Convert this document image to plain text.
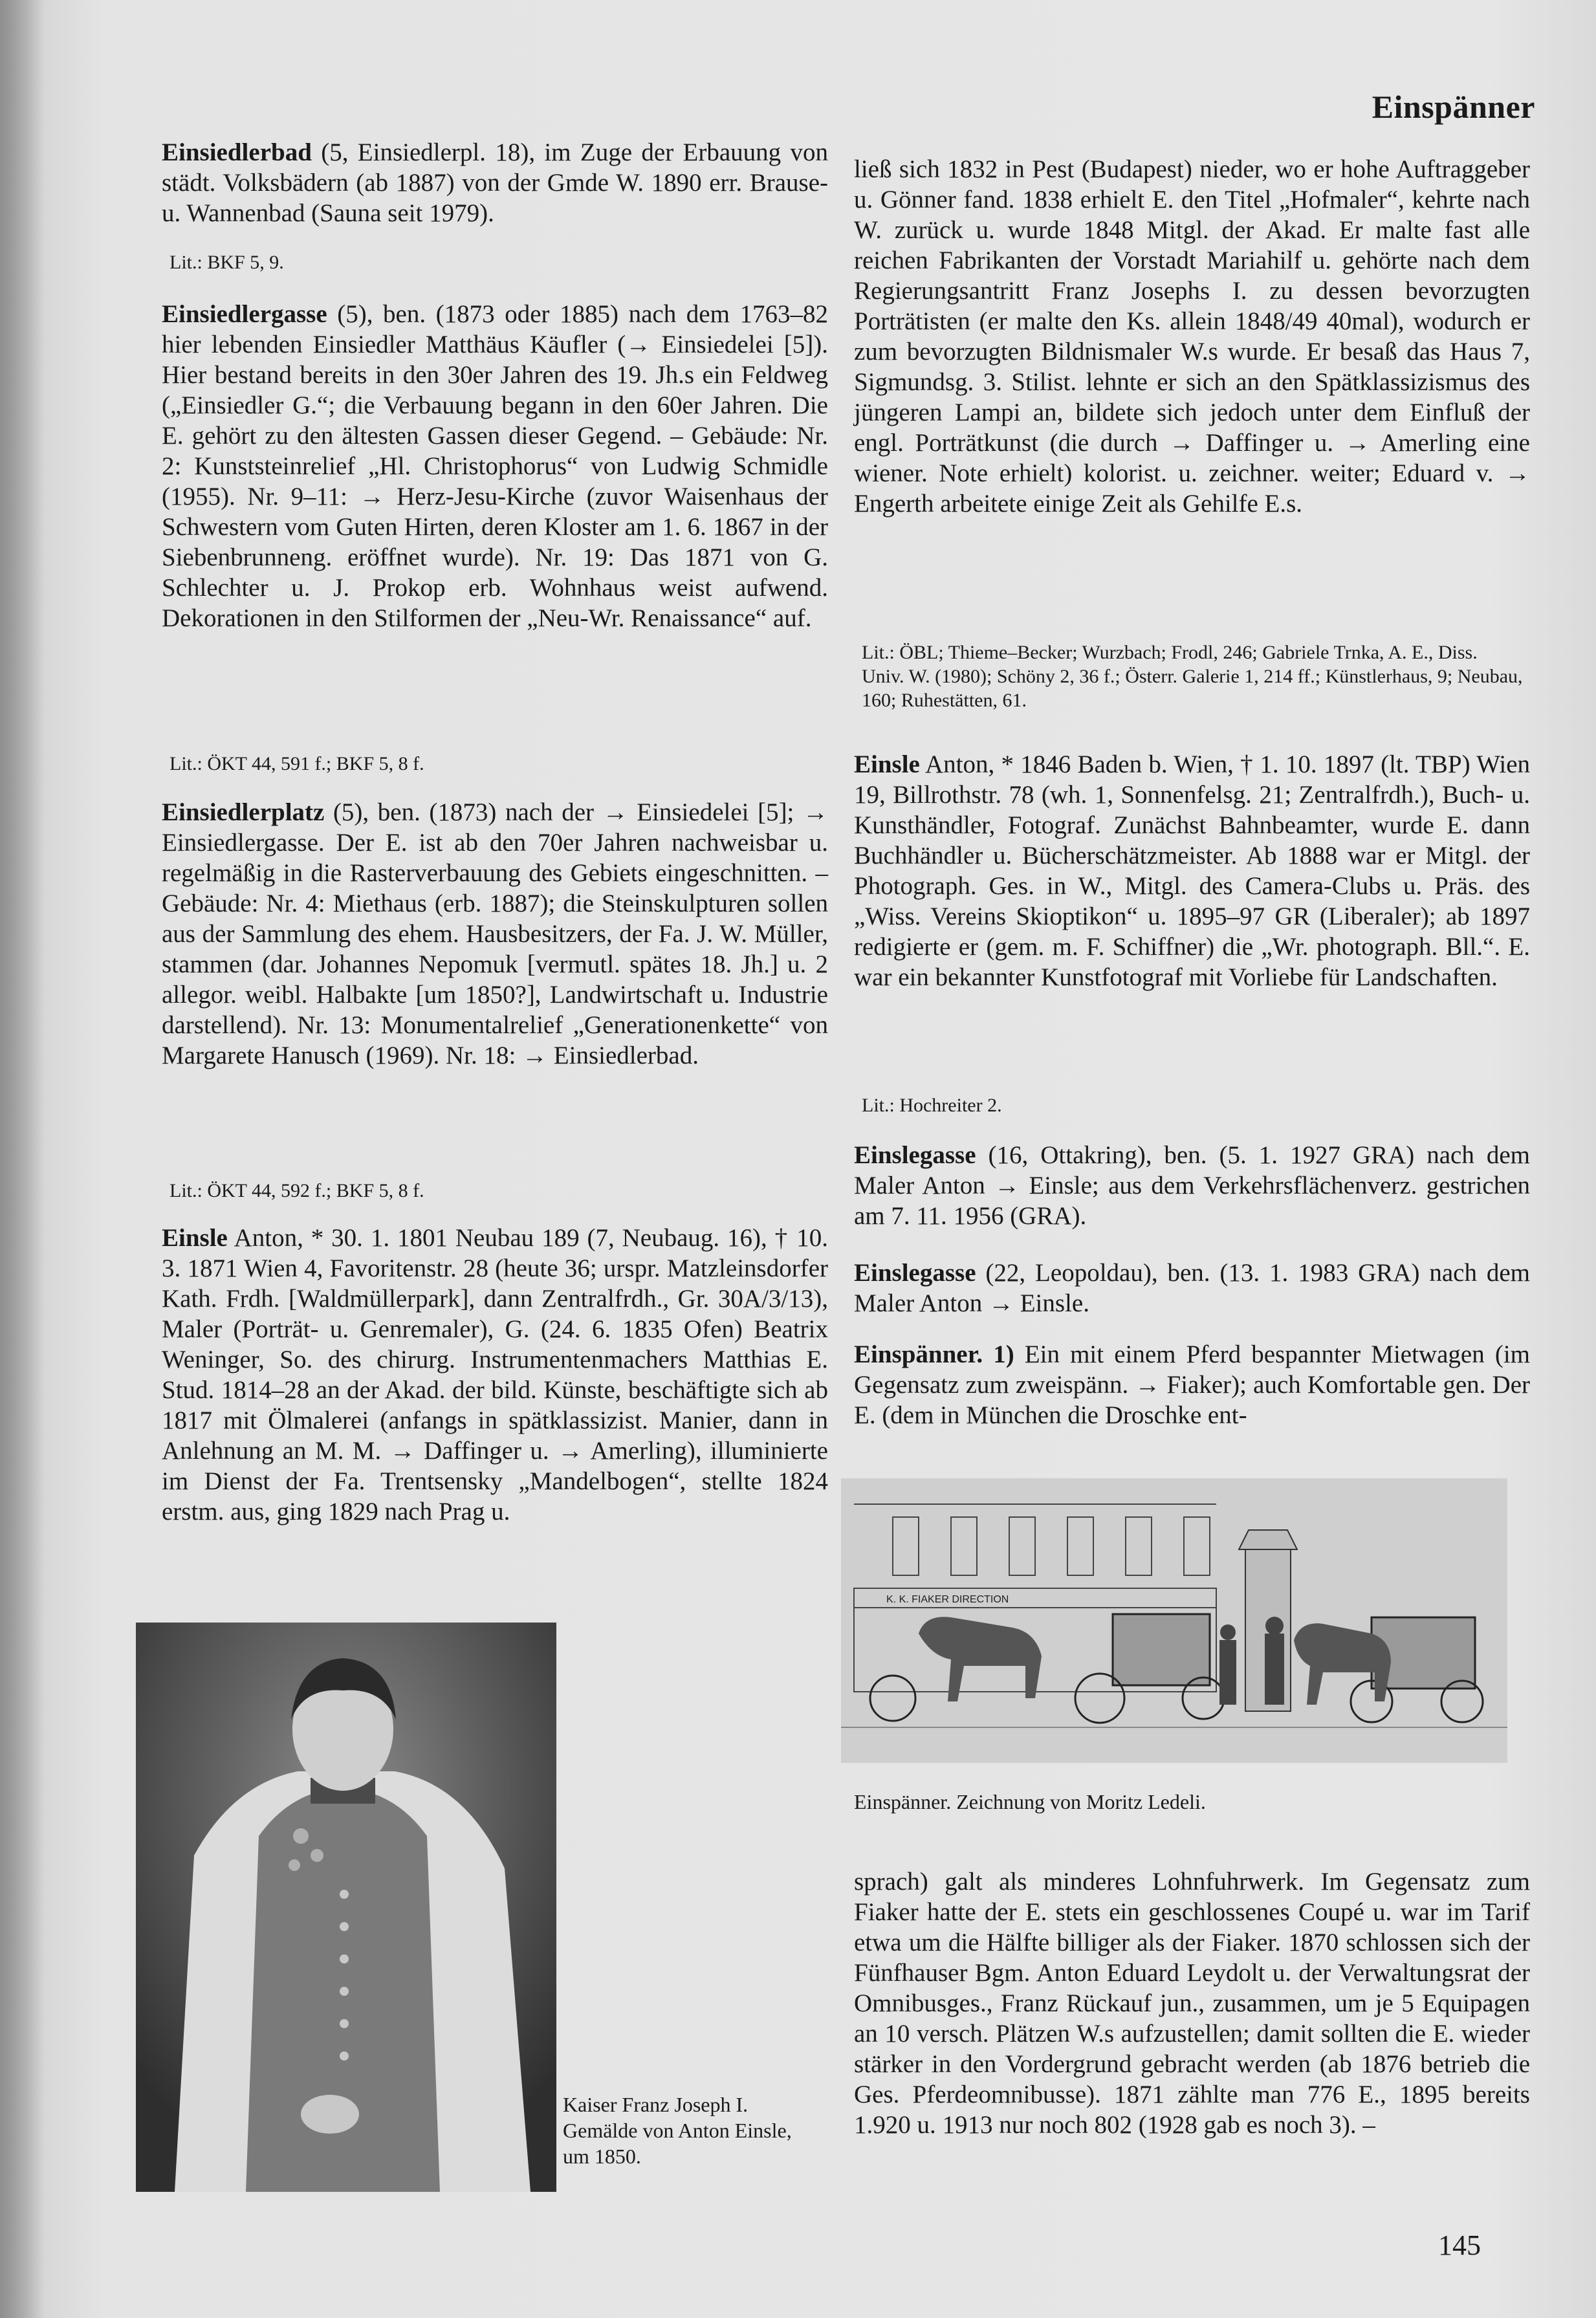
Einspänner
Einsiedlerbad (5, Einsiedlerpl. 18), im Zuge der Erbauung von städt. Volksbädern (ab 1887) von der Gmde W. 1890 err. Brause- u. Wannenbad (Sauna seit 1979).
Lit.: BKF 5, 9.
Einsiedlergasse (5), ben. (1873 oder 1885) nach dem 1763–82 hier lebenden Einsiedler Matthäus Käufler (→ Einsiedelei [5]). Hier bestand bereits in den 30er Jahren des 19. Jh.s ein Feldweg („Einsiedler G.“; die Verbauung begann in den 60er Jahren. Die E. gehört zu den ältesten Gassen dieser Gegend. – Gebäude: Nr. 2: Kunststeinrelief „Hl. Christophorus“ von Ludwig Schmidle (1955). Nr. 9–11: → Herz-Jesu-Kirche (zuvor Waisenhaus der Schwestern vom Guten Hirten, deren Kloster am 1. 6. 1867 in der Siebenbrunneng. eröffnet wurde). Nr. 19: Das 1871 von G. Schlechter u. J. Prokop erb. Wohnhaus weist aufwend. Dekorationen in den Stilformen der „Neu-Wr. Renaissance“ auf.
Lit.: ÖKT 44, 591 f.; BKF 5, 8 f.
Einsiedlerplatz (5), ben. (1873) nach der → Einsiedelei [5]; → Einsiedlergasse. Der E. ist ab den 70er Jahren nachweisbar u. regelmäßig in die Rasterverbauung des Gebiets eingeschnitten. – Gebäude: Nr. 4: Miethaus (erb. 1887); die Steinskulpturen sollen aus der Sammlung des ehem. Hausbesitzers, der Fa. J. W. Müller, stammen (dar. Johannes Nepomuk [vermutl. spätes 18. Jh.] u. 2 allegor. weibl. Halbakte [um 1850?], Landwirtschaft u. Industrie darstellend). Nr. 13: Monumentalrelief „Generationenkette“ von Margarete Hanusch (1969). Nr. 18: → Einsiedlerbad.
Lit.: ÖKT 44, 592 f.; BKF 5, 8 f.
Einsle Anton, * 30. 1. 1801 Neubau 189 (7, Neubaug. 16), † 10. 3. 1871 Wien 4, Favoritenstr. 28 (heute 36; urspr. Matzleinsdorfer Kath. Frdh. [Waldmüllerpark], dann Zentralfrdh., Gr. 30A/3/13), Maler (Porträt- u. Genremaler), G. (24. 6. 1835 Ofen) Beatrix Weninger, So. des chirurg. Instrumentenmachers Matthias E. Stud. 1814–28 an der Akad. der bild. Künste, beschäftigte sich ab 1817 mit Ölmalerei (anfangs in spätklassizist. Manier, dann in Anlehnung an M. M. → Daffinger u. → Amerling), illuminierte im Dienst der Fa. Trentsensky „Mandelbogen“, stellte 1824 erstm. aus, ging 1829 nach Prag u.
Kaiser Franz Joseph I. Gemälde von Anton Einsle, um 1850.
ließ sich 1832 in Pest (Budapest) nieder, wo er hohe Auftraggeber u. Gönner fand. 1838 erhielt E. den Titel „Hofmaler“, kehrte nach W. zurück u. wurde 1848 Mitgl. der Akad. Er malte fast alle reichen Fabrikanten der Vorstadt Mariahilf u. gehörte nach dem Regierungsantritt Franz Josephs I. zu dessen bevorzugten Porträtisten (er malte den Ks. allein 1848/49 40mal), wodurch er zum bevorzugten Bildnismaler W.s wurde. Er besaß das Haus 7, Sigmundsg. 3. Stilist. lehnte er sich an den Spätklassizismus des jüngeren Lampi an, bildete sich jedoch unter dem Einfluß der engl. Porträtkunst (die durch → Daffinger u. → Amerling eine wiener. Note erhielt) kolorist. u. zeichner. weiter; Eduard v. → Engerth arbeitete einige Zeit als Gehilfe E.s.
Lit.: ÖBL; Thieme–Becker; Wurzbach; Frodl, 246; Gabriele Trnka, A. E., Diss. Univ. W. (1980); Schöny 2, 36 f.; Österr. Galerie 1, 214 ff.; Künstlerhaus, 9; Neubau, 160; Ruhestätten, 61.
Einsle Anton, * 1846 Baden b. Wien, † 1. 10. 1897 (lt. TBP) Wien 19, Billrothstr. 78 (wh. 1, Sonnenfelsg. 21; Zentralfrdh.), Buch- u. Kunsthändler, Fotograf. Zunächst Bahnbeamter, wurde E. dann Buchhändler u. Bücherschätzmeister. Ab 1888 war er Mitgl. der Photograph. Ges. in W., Mitgl. des Camera-Clubs u. Präs. des „Wiss. Vereins Skioptikon“ u. 1895–97 GR (Liberaler); ab 1897 redigierte er (gem. m. F. Schiffner) die „Wr. photograph. Bll.“. E. war ein bekannter Kunstfotograf mit Vorliebe für Landschaften.
Lit.: Hochreiter 2.
Einslegasse (16, Ottakring), ben. (5. 1. 1927 GRA) nach dem Maler Anton → Einsle; aus dem Verkehrsflächenverz. gestrichen am 7. 11. 1956 (GRA).
Einslegasse (22, Leopoldau), ben. (13. 1. 1983 GRA) nach dem Maler Anton → Einsle.
Einspänner. 1) Ein mit einem Pferd bespannter Mietwagen (im Gegensatz zum zweispänn. → Fiaker); auch Komfortable gen. Der E. (dem in München die Droschke ent-
K. K. FIAKER DIRECTION
Einspänner. Zeichnung von Moritz Ledeli.
sprach) galt als minderes Lohnfuhrwerk. Im Gegensatz zum Fiaker hatte der E. stets ein geschlossenes Coupé u. war im Tarif etwa um die Hälfte billiger als der Fiaker. 1870 schlossen sich der Fünfhauser Bgm. Anton Eduard Leydolt u. der Verwaltungsrat der Omnibusges., Franz Rückauf jun., zusammen, um je 5 Equipagen an 10 versch. Plätzen W.s aufzustellen; damit sollten die E. wieder stärker in den Vordergrund gebracht werden (ab 1876 betrieb die Ges. Pferdeomnibusse). 1871 zählte man 776 E., 1895 bereits 1.920 u. 1913 nur noch 802 (1928 gab es noch 3). –
145
